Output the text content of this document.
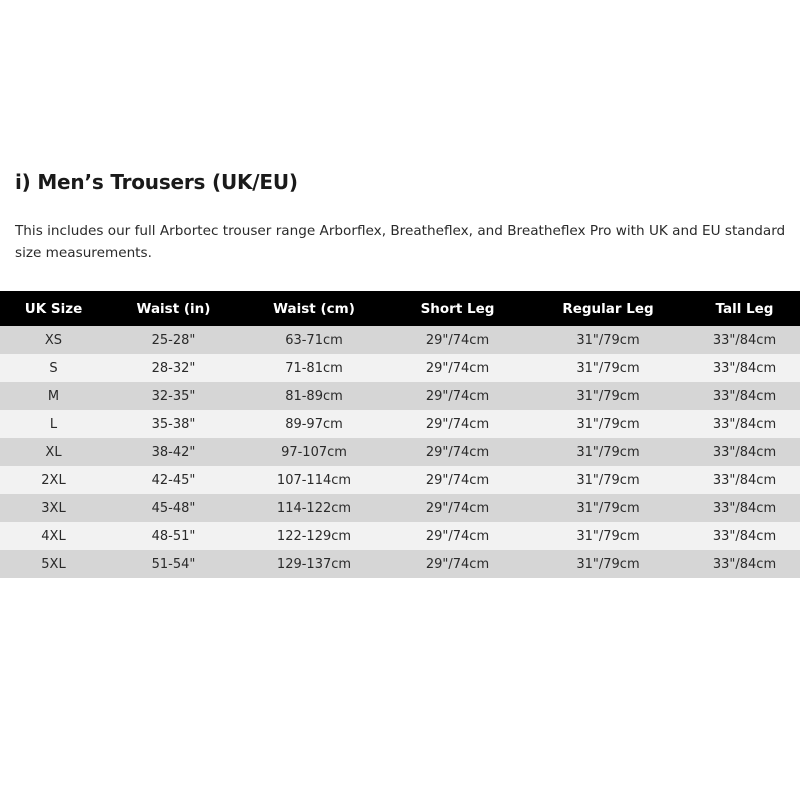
i) Men’s Trousers (UK/EU)
This includes our full Arbortec trouser range Arborflex, Breatheflex, and Breatheflex Pro with UK and EU standard size measurements.
UK Size	Waist (in)	Waist (cm)	Short Leg	Regular Leg	Tall Leg
XS	25-28"	63-71cm	29"/74cm	31"/79cm	33"/84cm
S	28-32"	71-81cm	29"/74cm	31"/79cm	33"/84cm
M	32-35"	81-89cm	29"/74cm	31"/79cm	33"/84cm
L	35-38"	89-97cm	29"/74cm	31"/79cm	33"/84cm
XL	38-42"	97-107cm	29"/74cm	31"/79cm	33"/84cm
2XL	42-45"	107-114cm	29"/74cm	31"/79cm	33"/84cm
3XL	45-48"	114-122cm	29"/74cm	31"/79cm	33"/84cm
4XL	48-51"	122-129cm	29"/74cm	31"/79cm	33"/84cm
5XL	51-54"	129-137cm	29"/74cm	31"/79cm	33"/84cm
